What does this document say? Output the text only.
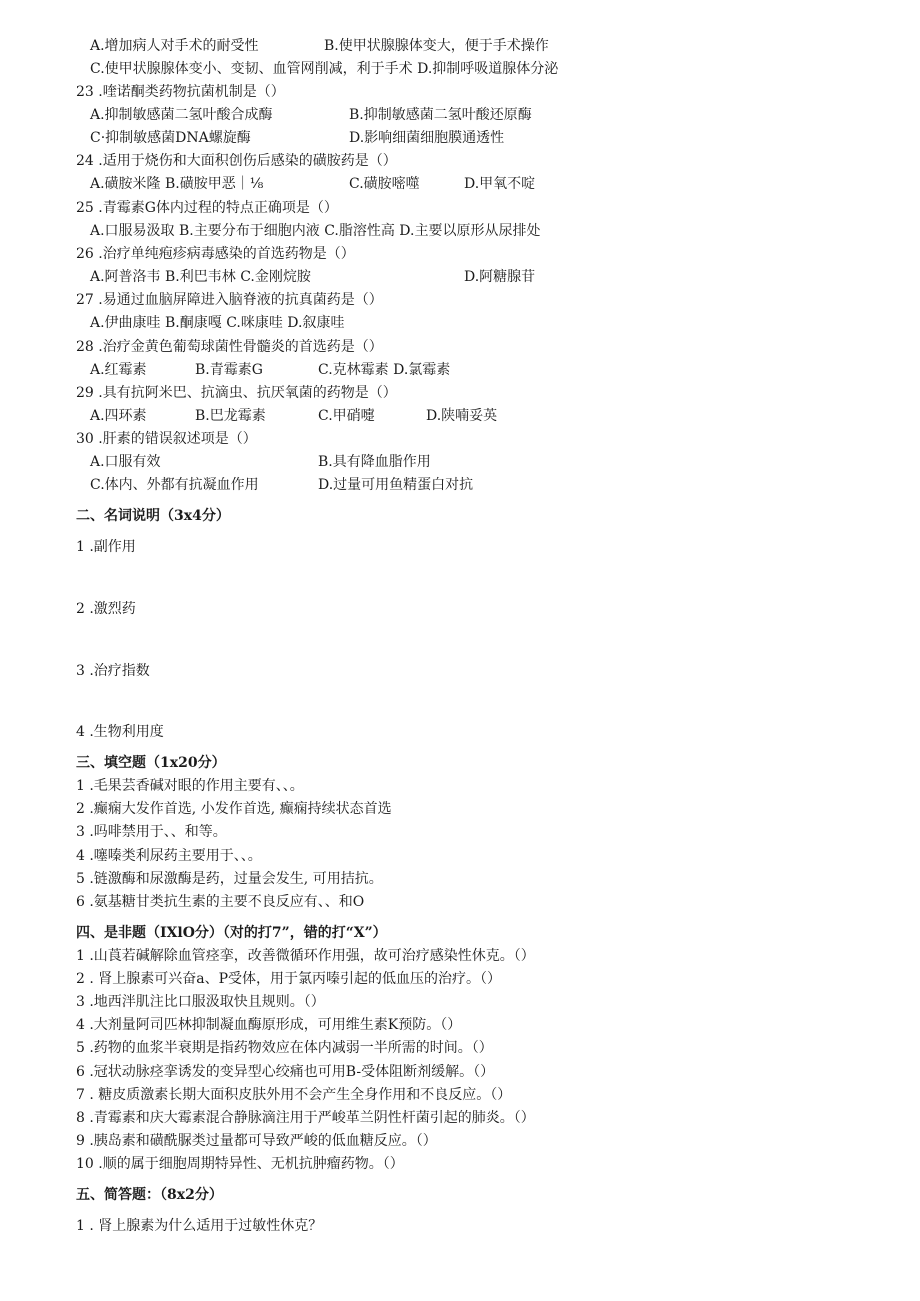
A.增加病人对手术的耐受性	B.使甲状腺腺体变大，便于手术操作
C.使甲状腺腺体变小、变韧、血管网削减，利于手术 D.抑制呼吸道腺体分泌
23 .喹诺酮类药物抗菌机制是（）
A.抑制敏感菌二氢叶酸合成酶	B.抑制敏感菌二氢叶酸还原酶
C·抑制敏感菌DNA螺旋酶	D.影响细菌细胞膜通透性
24 .适用于烧伤和大面积创伤后感染的磺胺药是（）
A.磺胺米隆 B.磺胺甲恶｜⅛	C.磺胺嘧噬	D.甲氧不啶
25 .青霉素G体内过程的特点正确项是（）
A.口服易汲取 B.主要分布于细胞内液 C.脂溶性高 D.主要以原形从尿排处
26 .治疗单纯疱疹病毒感染的首选药物是（）
A.阿普洛韦 B.利巴韦林 C.金刚烷胺	D.阿糖腺苷
27 .易通过血脑屏障进入脑脊液的抗真菌药是（）
A.伊曲康哇 B.酮康嘎 C.咪康哇 D.叙康哇
28 .治疗金黄色葡萄球菌性骨髓炎的首选药是（）
A.红霉素	B.青霉素G	C.克林霉素 D.氯霉素
29 .具有抗阿米巴、抗滴虫、抗厌氧菌的药物是（）
A.四环素	B.巴龙霉素	C.甲硝嚏	D.陕喃妥英
30 .肝素的错误叙述项是（）
A.口服有效	B.具有降血脂作用
C.体内、外都有抗凝血作用	D.过量可用鱼精蛋白对抗
二、名词说明（3x4分）
1 .副作用
2 .激烈药
3 .治疗指数
4 .生物利用度
三、填空题（1x20分）
1 .毛果芸香碱对眼的作用主要有、、。
2 .癫痫大发作首选, 小发作首选, 癫痫持续状态首选
3 .吗啡禁用于、、和等。
4 .噻嗪类利尿药主要用于、、。
5 .链激酶和尿激酶是药，过量会发生, 可用拮抗。
6 .氨基糖甘类抗生素的主要不良反应有、、和O
四、是非题（IXlO分）（对的打7”，错的打“X”）
1 .山莨若碱解除血管痉挛，改善微循环作用强，故可治疗感染性休克。（）
2 . 肾上腺素可兴奋a、P受体，用于氯丙嗪引起的低血压的治疗。（）
3 .地西泮肌注比口服汲取快且规则。（）
4 .大剂量阿司匹林抑制凝血酶原形成，可用维生素K预防。（）
5 .药物的血浆半衰期是指药物效应在体内减弱一半所需的时间。（）
6 .冠状动脉痉挛诱发的变异型心绞痛也可用B-受体阻断剂缓解。（）
7 . 糖皮质激素长期大面积皮肤外用不会产生全身作用和不良反应。（）
8 .青霉素和庆大霉素混合静脉滴注用于严峻革兰阴性杆菌引起的肺炎。（）
9 .胰岛素和磺酰脲类过量都可导致严峻的低血糖反应。（）
10 .顺的属于细胞周期特异性、无机抗肿瘤药物。（）
五、简答题：（8x2分）
1 . 肾上腺素为什么适用于过敏性休克？
